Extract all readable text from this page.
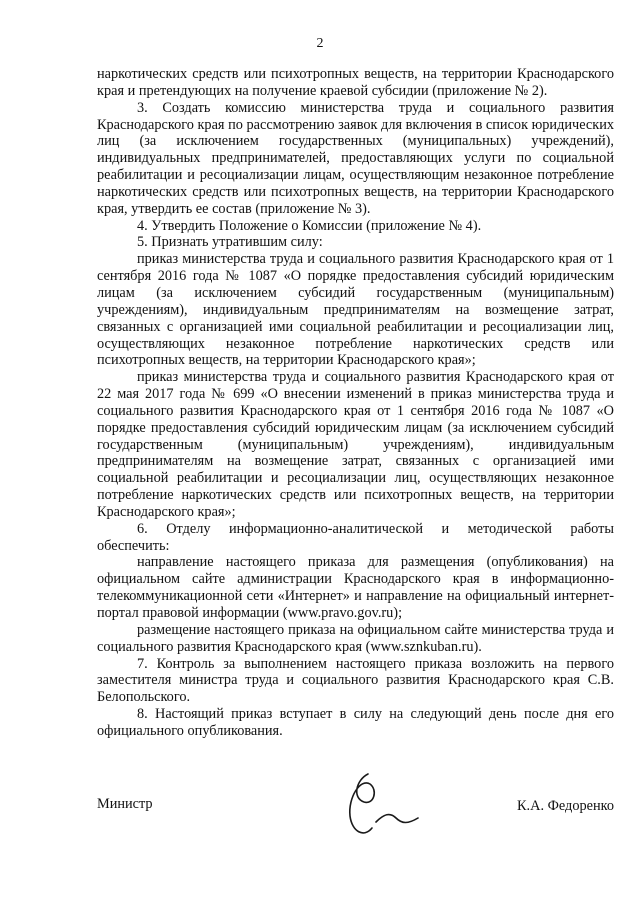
2

наркотических средств или психотропных веществ, на территории Краснодарского края и претендующих на получение краевой субсидии (приложение № 2).

3. Создать комиссию министерства труда и социального развития Краснодарского края по рассмотрению заявок для включения в список юридических лиц (за исключением государственных (муниципальных) учреждений), индивидуальных предпринимателей, предоставляющих услуги по социальной реабилитации и ресоциализации лицам, осуществляющим незаконное потребление наркотических средств или психотропных веществ, на территории Краснодарского края, утвердить ее состав (приложение № 3).

4. Утвердить Положение о Комиссии (приложение № 4).

5. Признать утратившим силу:

приказ министерства труда и социального развития Краснодарского края от 1 сентября 2016 года № 1087 «О порядке предоставления субсидий юридическим лицам (за исключением субсидий государственным (муниципальным) учреждениям), индивидуальным предпринимателям на возмещение затрат, связанных с организацией ими социальной реабилитации и ресоциализации лиц, осуществляющих незаконное потребление наркотических средств или психотропных веществ, на территории Краснодарского края»;

приказ министерства труда и социального развития Краснодарского края от 22 мая 2017 года № 699 «О внесении изменений в приказ министерства труда и социального развития Краснодарского края от 1 сентября 2016 года № 1087 «О порядке предоставления субсидий юридическим лицам (за исключением субсидий государственным (муниципальным) учреждениям), индивидуальным предпринимателям на возмещение затрат, связанных с организацией ими социальной реабилитации и ресоциализации лиц, осуществляющих незаконное потребление наркотических средств или психотропных веществ, на территории Краснодарского края»;

6. Отделу информационно-аналитической и методической работы обеспечить:

направление настоящего приказа для размещения (опубликования) на официальном сайте администрации Краснодарского края в информационно-телекоммуникационной сети «Интернет» и направление на официальный интернет-портал правовой информации (www.pravo.gov.ru);

размещение настоящего приказа на официальном сайте министерства труда и социального развития Краснодарского края (www.sznkuban.ru).

7. Контроль за выполнением настоящего приказа возложить на первого заместителя министра труда и социального развития Краснодарского края С.В. Белопольского.

8. Настоящий приказ вступает в силу на следующий день после дня его официального опубликования.

Министр	К.А. Федоренко
